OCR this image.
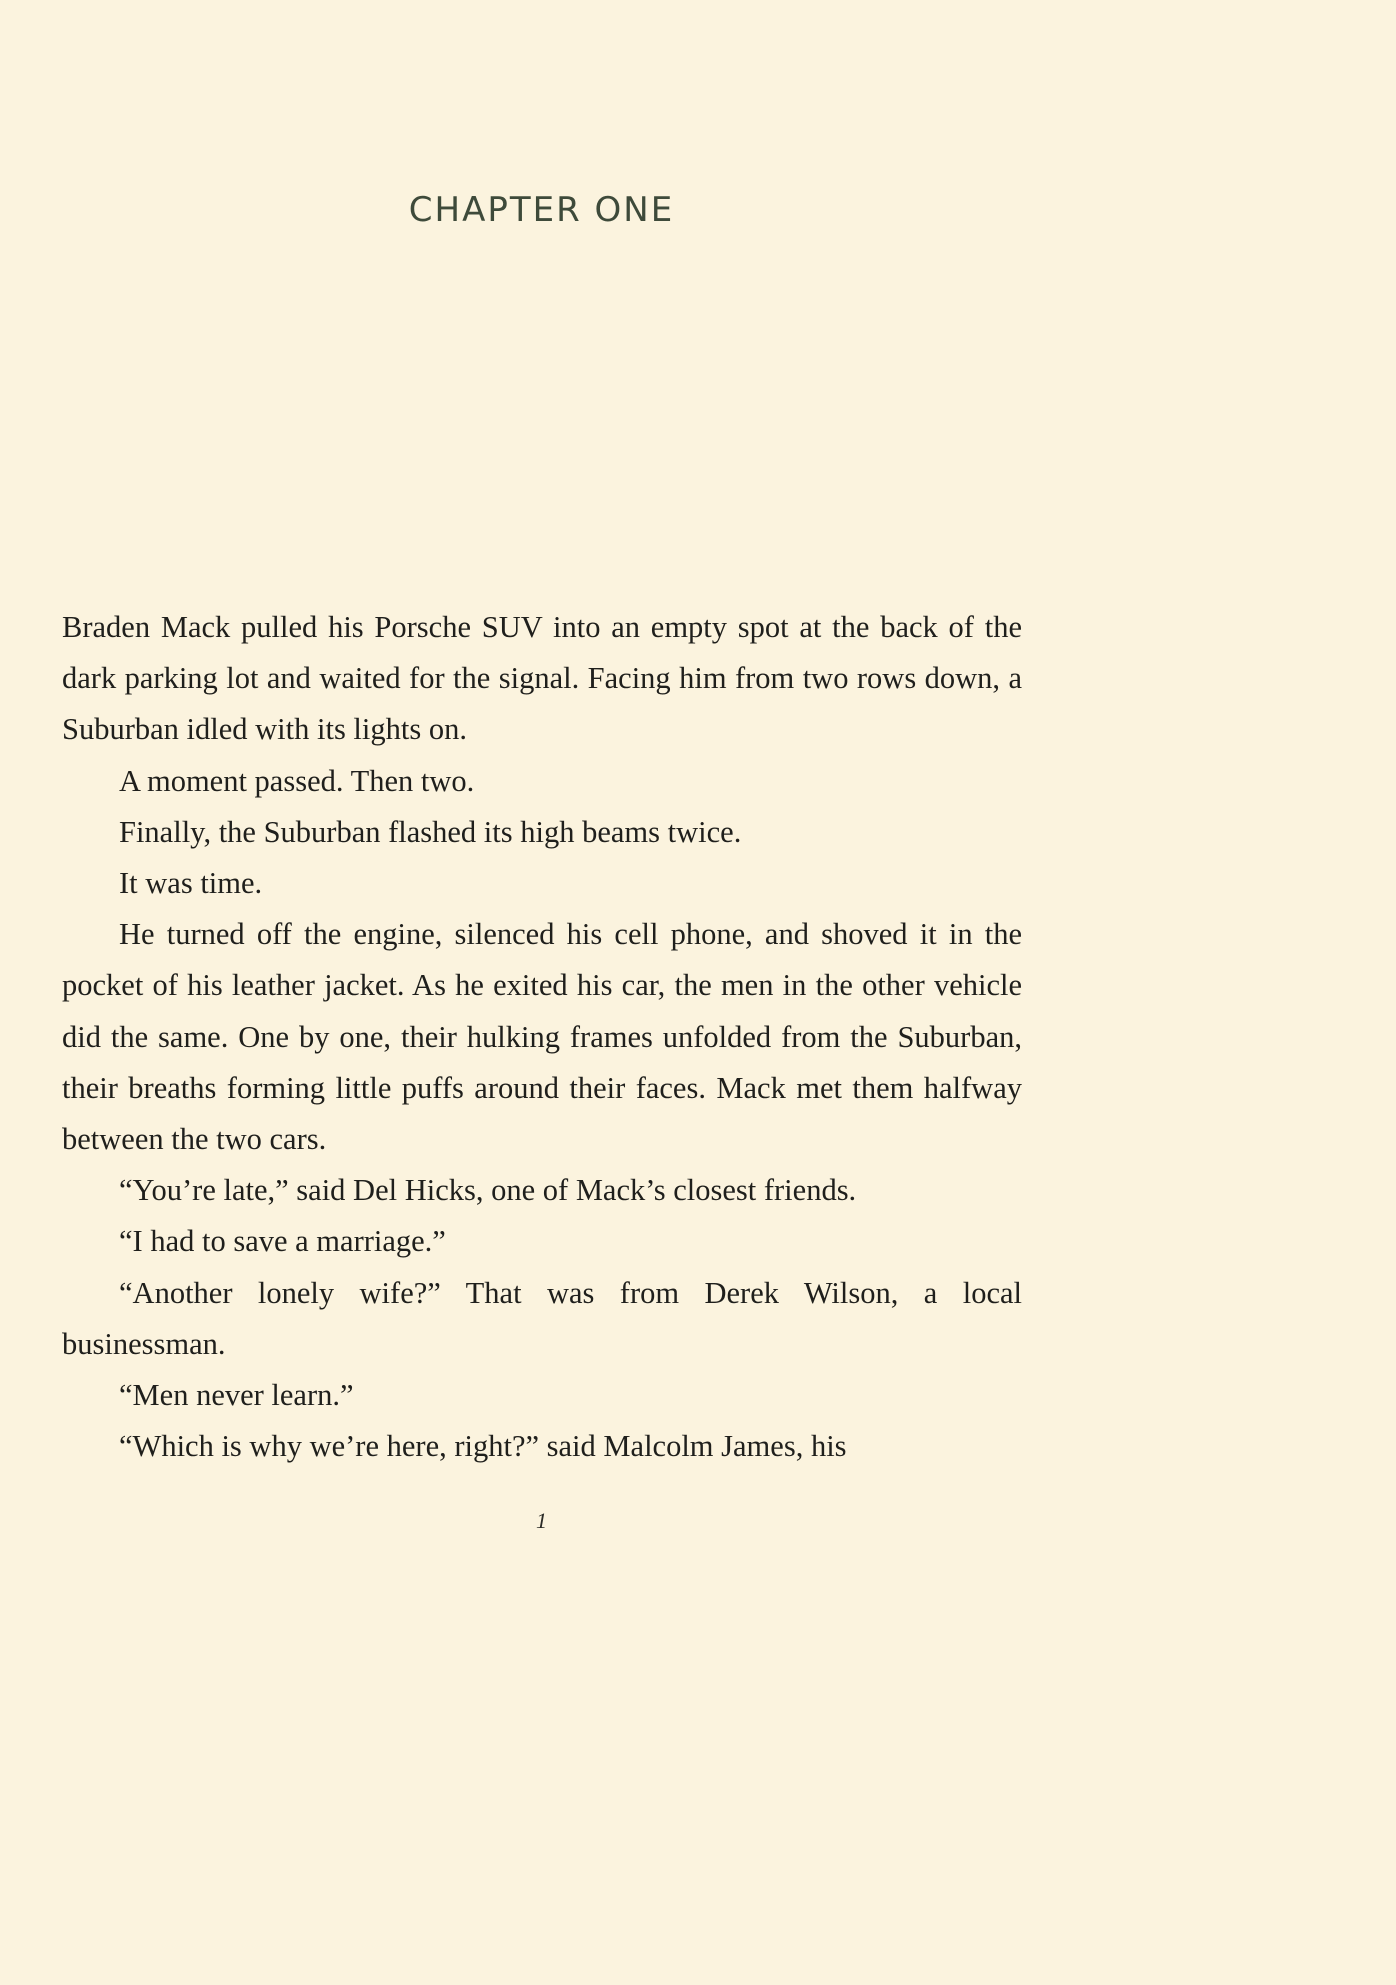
CHAPTER ONE

Braden Mack pulled his Porsche SUV into an empty spot at the back of the dark parking lot and waited for the signal. Facing him from two rows down, a Suburban idled with its lights on.

A moment passed. Then two.

Finally, the Suburban flashed its high beams twice.

It was time.

He turned off the engine, silenced his cell phone, and shoved it in the pocket of his leather jacket. As he exited his car, the men in the other vehicle did the same. One by one, their hulking frames unfolded from the Suburban, their breaths forming little puffs around their faces. Mack met them halfway between the two cars.

“You’re late,” said Del Hicks, one of Mack’s closest friends.

“I had to save a marriage.”

“Another lonely wife?” That was from Derek Wilson, a local businessman.

“Men never learn.”

“Which is why we’re here, right?” said Malcolm James, his

1
